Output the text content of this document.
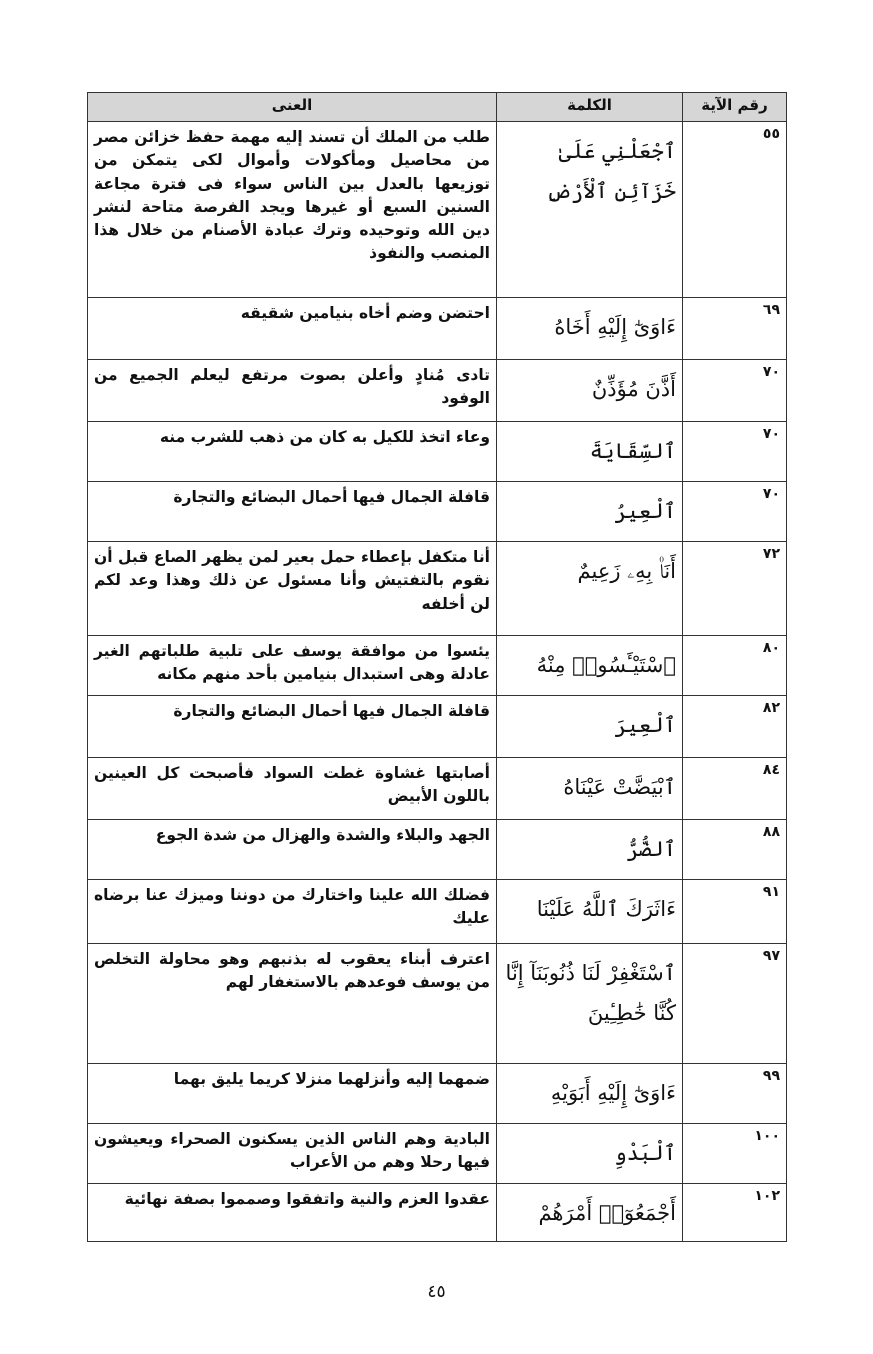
رقم الآية	الكلمة	العنى
٥٥	ٱجْعَلْنِي عَلَىٰ خَزَآئِنِ ٱلْأَرْضِ	طلب من الملك أن تسند إليه مهمة حفظ خزائن مصر من محاصيل ومأكولات وأموال لكى يتمكن من توزيعها بالعدل بين الناس سواء فى فترة مجاعة السنين السبع أو غيرها ويجد الفرصة متاحة لنشر دين الله وتوحيده وترك عبادة الأصنام من خلال هذا المنصب والنفوذ
٦٩	ءَاوَىٰٓ إِلَيْهِ أَخَاهُ	احتضن وضم أخاه بنيامين شقيقه
٧٠	أَذَّنَ مُؤَذِّنٌ	تادى مُنادٍ وأعلن بصوت مرتفع ليعلم الجميع من الوفود
٧٠	ٱلسِّقَايَةَ	وعاء اتخذ للكيل به كان من ذهب للشرب منه
٧٠	ٱلْعِيرُ	قافلة الجمال فيها أحمال البضائع والتجارة
٧٢	أَنَا۠ بِهِۦ زَعِيمٌ	أنا متكفل بإعطاء حمل بعير لمن يظهر الصاع قبل أن نقوم بالتفتيش وأنا مسئول عن ذلك وهذا وعد لكم لن أخلفه
٨٠	ٱسْتَيْـَٔسُوا۟ مِنْهُ	يئسوا من موافقة يوسف على تلبية طلباتهم الغير عادلة وهى استبدال بنيامين بأحد منهم مكانه
٨٢	ٱلْعِيرَ	قافلة الجمال فيها أحمال البضائع والتجارة
٨٤	ٱبْيَضَّتْ عَيْنَاهُ	أصابتها غشاوة غطت السواد فأصبحت كل العينين باللون الأبيض
٨٨	ٱلضُّرُّ	الجهد والبلاء والشدة والهزال من شدة الجوع
٩١	ءَاثَرَكَ ٱللَّهُ عَلَيْنَا	فضلك الله علينا واختارك من دوننا وميزك عنا برضاه عليك
٩٧	ٱسْتَغْفِرْ لَنَا ذُنُوبَنَآ إِنَّا كُنَّا خَٰطِـِٔينَ	اعترف أبناء يعقوب له بذنبهم وهو محاولة التخلص من يوسف فوعدهم بالاستغفار لهم
٩٩	ءَاوَىٰٓ إِلَيْهِ أَبَوَيْهِ	ضمهما إليه وأنزلهما منزلا كريما يليق بهما
١٠٠	ٱلْبَدْوِ	البادية وهم الناس الذين يسكنون الصحراء ويعيشون فيها رحلا وهم من الأعراب
١٠٢	أَجْمَعُوٓا۟ أَمْرَهُمْ	عقدوا العزم والنية واتفقوا وصمموا بصفة نهائية
٤٥
